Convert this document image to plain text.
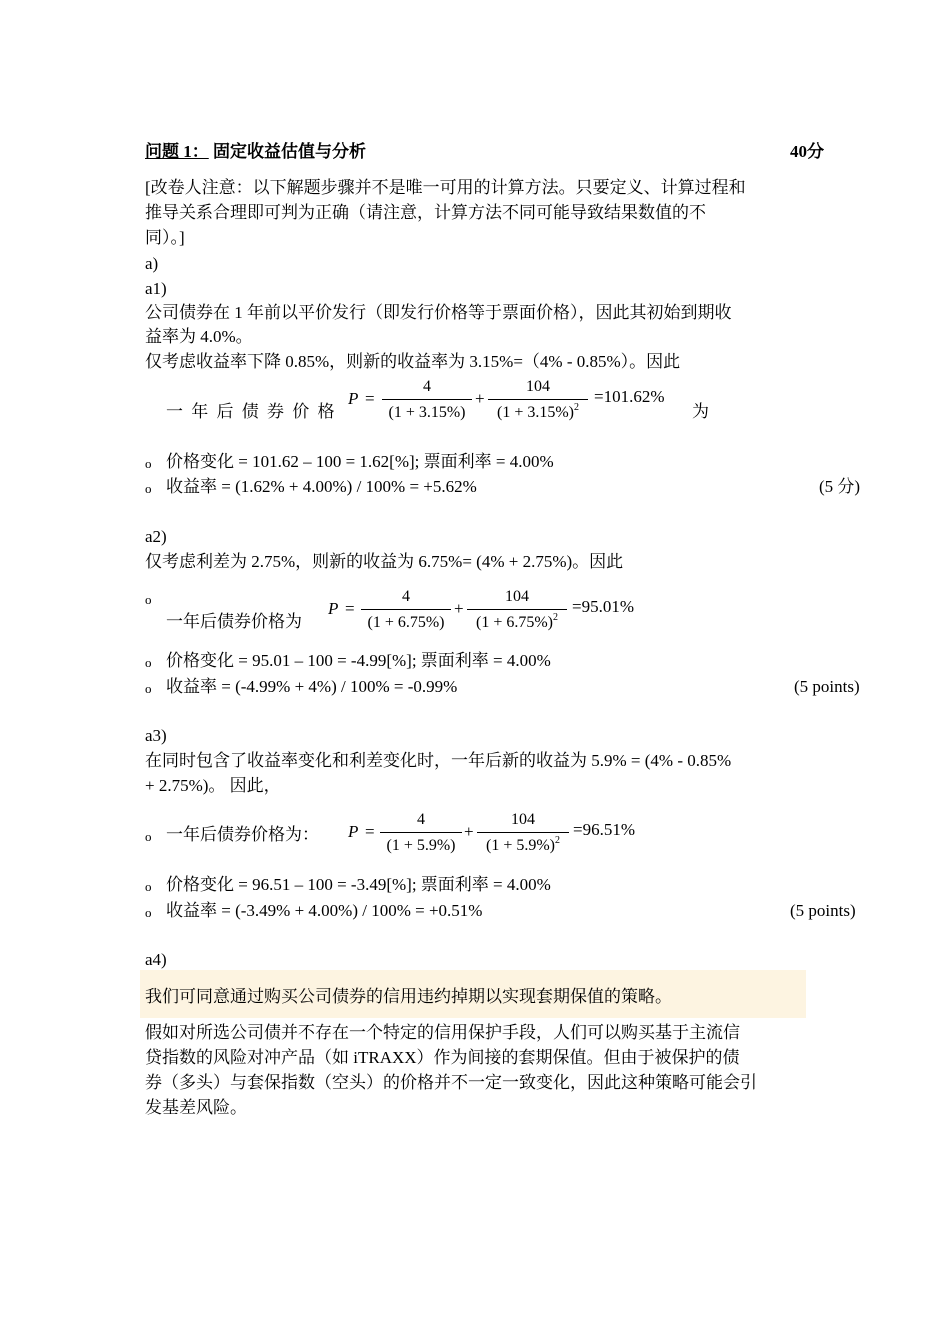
问题 1： 固定收益估值与分析	40分
[改卷人注意：以下解题步骤并不是唯一可用的计算方法。只要定义、计算过程和
推导关系合理即可判为正确（请注意，计算方法不同可能导致结果数值的不
同）。]
a)
a1)
公司债券在 1 年前以平价发行（即发行价格等于票面价格），因此其初始到期收
益率为 4.0%。
仅考虑收益率下降 0.85%，则新的收益率为 3.15%=（4% - 0.85%）。因此
一 年 后 债 券 价 格
P =
4
(1 + 3.15%)
+
104
$(1 + 3.15\%)^2$
=101.62%
为
o 价格变化 = 101.62 – 100 = 1.62[%]; 票面利率 = 4.00%
o 收益率 = (1.62% + 4.00%) / 100% = +5.62%	(5 分)
a2)
仅考虑利差为 2.75%，则新的收益为 6.75%= (4% + 2.75%)。因此
o
一年后债券价格为
P =
4
(1 + 6.75%)
+
104
$(1 + 6.75\%)^2$
=95.01%
o 价格变化 = 95.01 – 100 = -4.99[%]; 票面利率 = 4.00%
o 收益率 = (-4.99% + 4%) / 100% = -0.99%	(5 points)
a3)
在同时包含了收益率变化和利差变化时，一年后新的收益为 5.9% = (4% - 0.85%
+ 2.75%)。 因此，
o 一年后债券价格为： P =
4
(1 + 5.9%)
+
104
$(1 + 5.9\%)^2$
=96.51%
o 价格变化 = 96.51 – 100 = -3.49[%]; 票面利率 = 4.00%
o 收益率 = (-3.49% + 4.00%) / 100% = +0.51%	(5 points)
a4)
我们可同意通过购买公司债券的信用违约掉期以实现套期保值的策略。
假如对所选公司债并不存在一个特定的信用保护手段，人们可以购买基于主流信
贷指数的风险对冲产品（如 iTRAXX）作为间接的套期保值。但由于被保护的债
券（多头）与套保指数（空头）的价格并不一定一致变化，因此这种策略可能会引
发基差风险。
